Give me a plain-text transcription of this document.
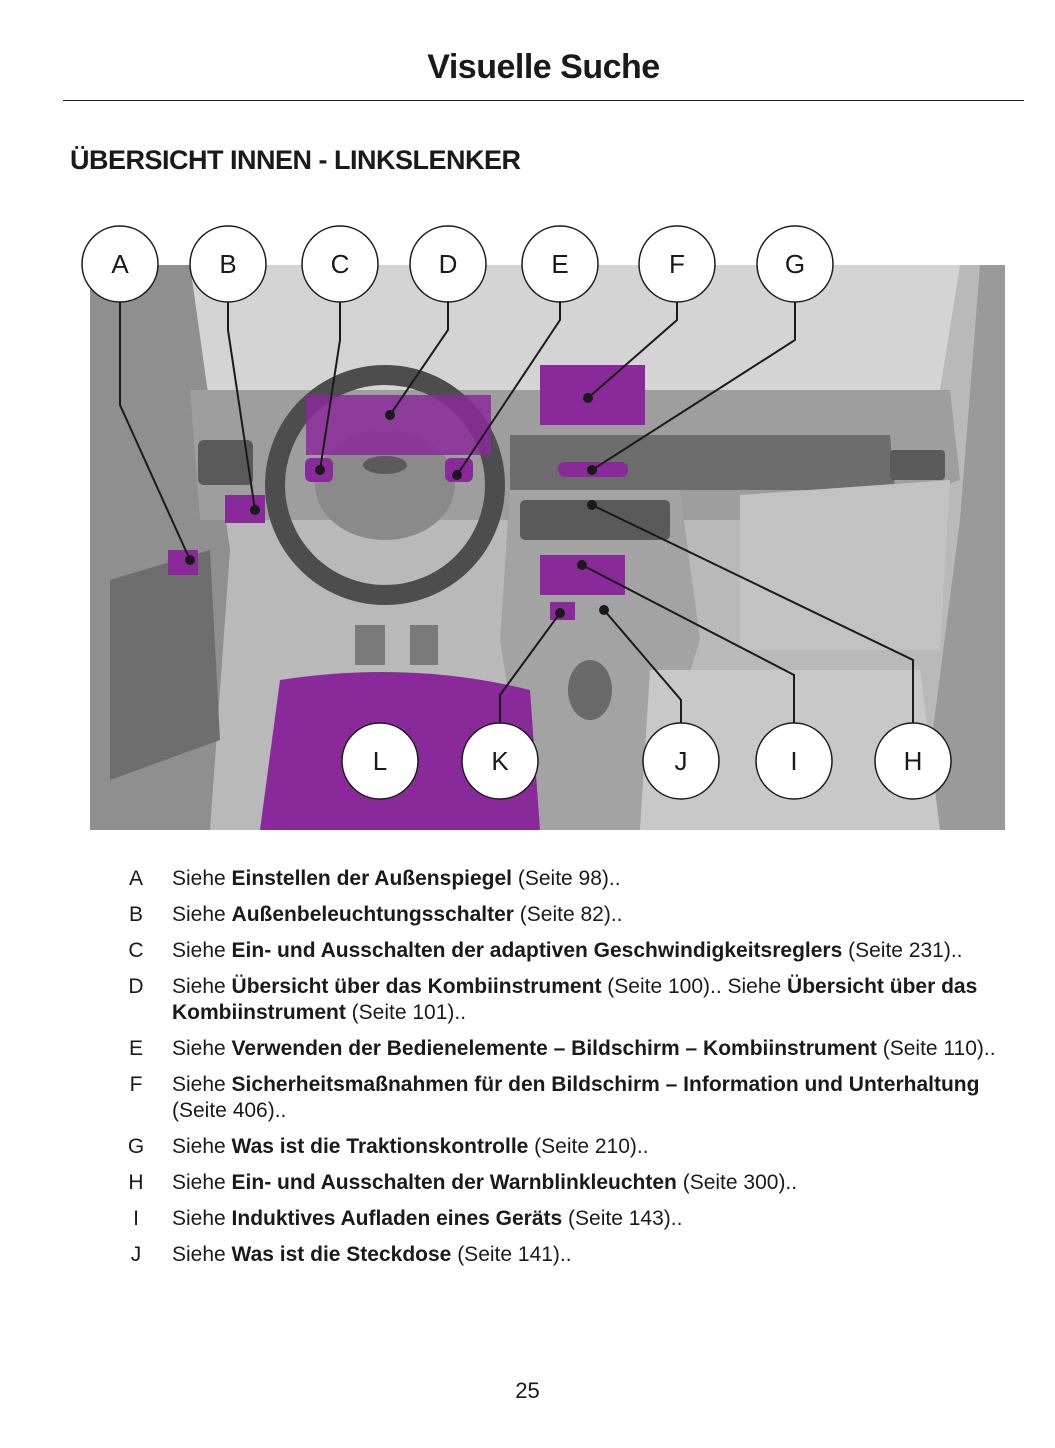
Visuelle Suche
ÜBERSICHT INNEN - LINKSLENKER
A	B	C	D	E	F	G
L	K	J	I	H
A	Siehe Einstellen der Außenspiegel (Seite 98)..
B	Siehe Außenbeleuchtungsschalter (Seite 82)..
C	Siehe Ein- und Ausschalten der adaptiven Geschwindigkeitsreglers (Seite 231)..
D	Siehe Übersicht über das Kombiinstrument (Seite 100).. Siehe Übersicht über das Kombiinstrument (Seite 101)..
E	Siehe Verwenden der Bedienelemente – Bildschirm – Kombiinstrument (Seite 110)..
F	Siehe Sicherheitsmaßnahmen für den Bildschirm – Information und Unterhaltung (Seite 406)..
G	Siehe Was ist die Traktionskontrolle (Seite 210)..
H	Siehe Ein- und Ausschalten der Warnblinkleuchten (Seite 300)..
I	Siehe Induktives Aufladen eines Geräts (Seite 143)..
J	Siehe Was ist die Steckdose (Seite 141)..
25
